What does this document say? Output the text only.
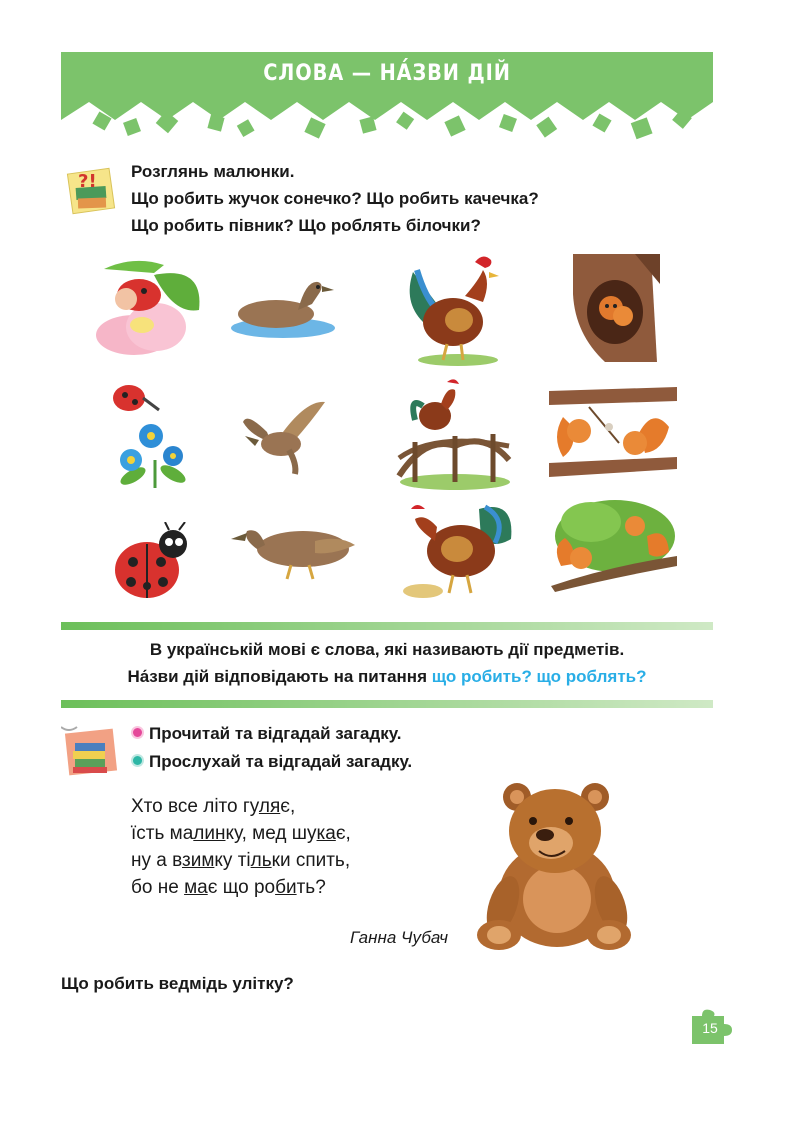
СЛОВА — НА́ЗВИ ДІЙ
?! Розглянь малюнки.
Що робить жучок сонечко? Що робить качечка?
Що робить півник? Що роблять білочки?
В українській мові є слова, які називають дії предметів.
На́зви дій відповідають на питання що робить? що роблять?
Прочитай та відгадай загадку.
Прослухай та відгадай загадку.
Хто все літо гуляє,
їсть малинку, мед шукає,
ну а взимку тільки спить,
бо не має що робить?
Ганна Чубач
Що робить ведмідь улітку?
15
